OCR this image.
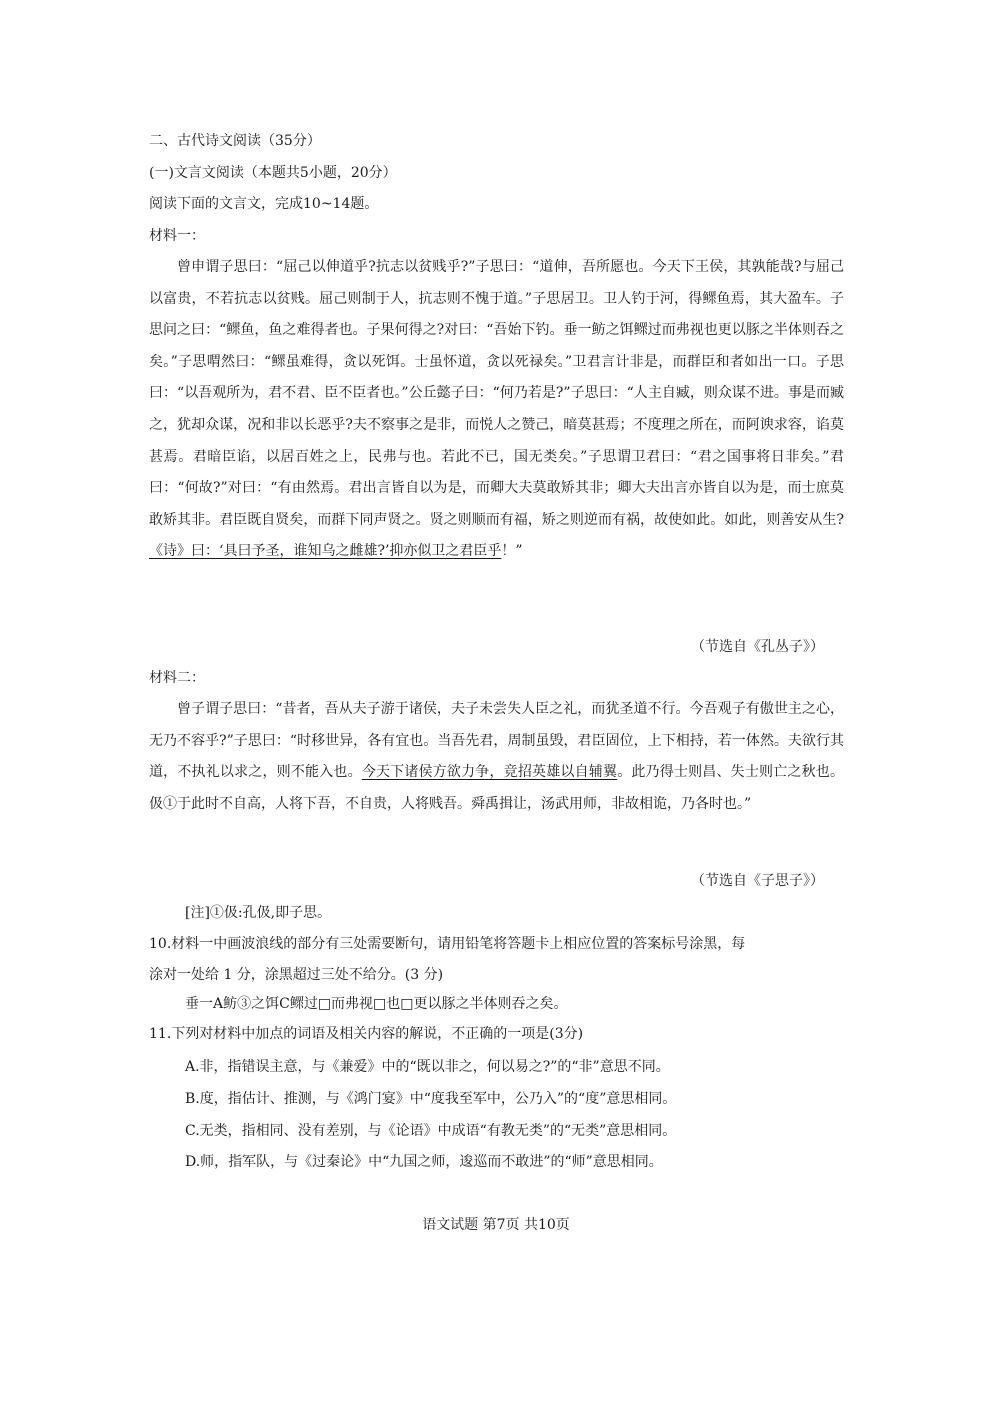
二、古代诗文阅读（35分）
(一)文言文阅读（本题共5小题，20分）
阅读下面的文言文，完成10~14题。
材料一：
曾申谓子思曰：“屈己以伸道乎?抗志以贫贱乎?”子思曰：“道伸，吾所愿也。今天下王侯，其孰能哉?与屈己以富贵，不若抗志以贫贱。屈己则制于人，抗志则不愧于道。”子思居卫。卫人钓于河，得鳏鱼焉，其大盈车。子思问之曰：“鳏鱼，鱼之难得者也。子果何得之?对曰：“吾始下钓。垂一鲂之饵鳏过而弗视也更以豚之半体则吞之矣。”子思喟然曰：“鳏虽难得，贪以死饵。士虽怀道，贪以死禄矣。”卫君言计非是，而群臣和者如出一口。子思曰：“以吾观所为，君不君、臣不臣者也。”公丘懿子曰：“何乃若是?”子思曰：“人主自臧，则众谋不进。事是而臧之，犹却众谋，况和非以长恶乎?夫不察事之是非，而悦人之赞己，暗莫甚焉；不度理之所在，而阿谀求容，谄莫甚焉。君暗臣谄，以居百姓之上，民弗与也。若此不已，国无类矣。”子思谓卫君曰：“君之国事将日非矣。”君曰：“何故?”对曰：“有由然焉。君出言皆自以为是，而卿大夫莫敢矫其非；卿大夫出言亦皆自以为是，而士庶莫敢矫其非。君臣既自贤矣，而群下同声贤之。贤之则顺而有福，矫之则逆而有祸，故使如此。如此，则善安从生?《诗》曰：‘具曰予圣，谁知乌之雌雄?’抑亦似卫之君臣乎！”
（节选自《孔丛子》）
材料二：
曾子谓子思曰：“昔者，吾从夫子游于诸侯，夫子未尝失人臣之礼，而犹圣道不行。今吾观子有傲世主之心，无乃不容乎?”子思曰：“时移世异，各有宜也。当吾先君，周制虽毁，君臣固位，上下相持，若一体然。夫欲行其道，不执礼以求之，则不能入也。今天下诸侯方欲力争，竞招英雄以自辅翼。此乃得士则昌、失士则亡之秋也。伋①于此时不自高，人将下吾，不自贵，人将贱吾。舜禹揖让，汤武用师，非故相诡，乃各时也。”
（节选自《子思子》）
[注]①伋:孔伋,即子思。
10.材料一中画波浪线的部分有三处需要断句，请用铅笔将答题卡上相应位置的答案标号涂黑，每
涂对一处给 1 分，涂黑超过三处不给分。(3 分)
垂一A鲂③之饵C鳏过□而弗视□也□更以豚之半体则吞之矣。
11.下列对材料中加点的词语及相关内容的解说，不正确的一项是(3分)
A.非，指错误主意，与《兼爱》中的“既以非之，何以易之?”的“非”意思不同。
B.度，指估计、推测，与《鸿门宴》中“度我至军中，公乃入”的“度”意思相同。
C.无类，指相同、没有差别，与《论语》中成语“有教无类”的“无类”意思相同。
D.师，指军队，与《过秦论》中“九国之师，逡巡而不敢进”的“师”意思相同。
语文试题 第7页 共10页
